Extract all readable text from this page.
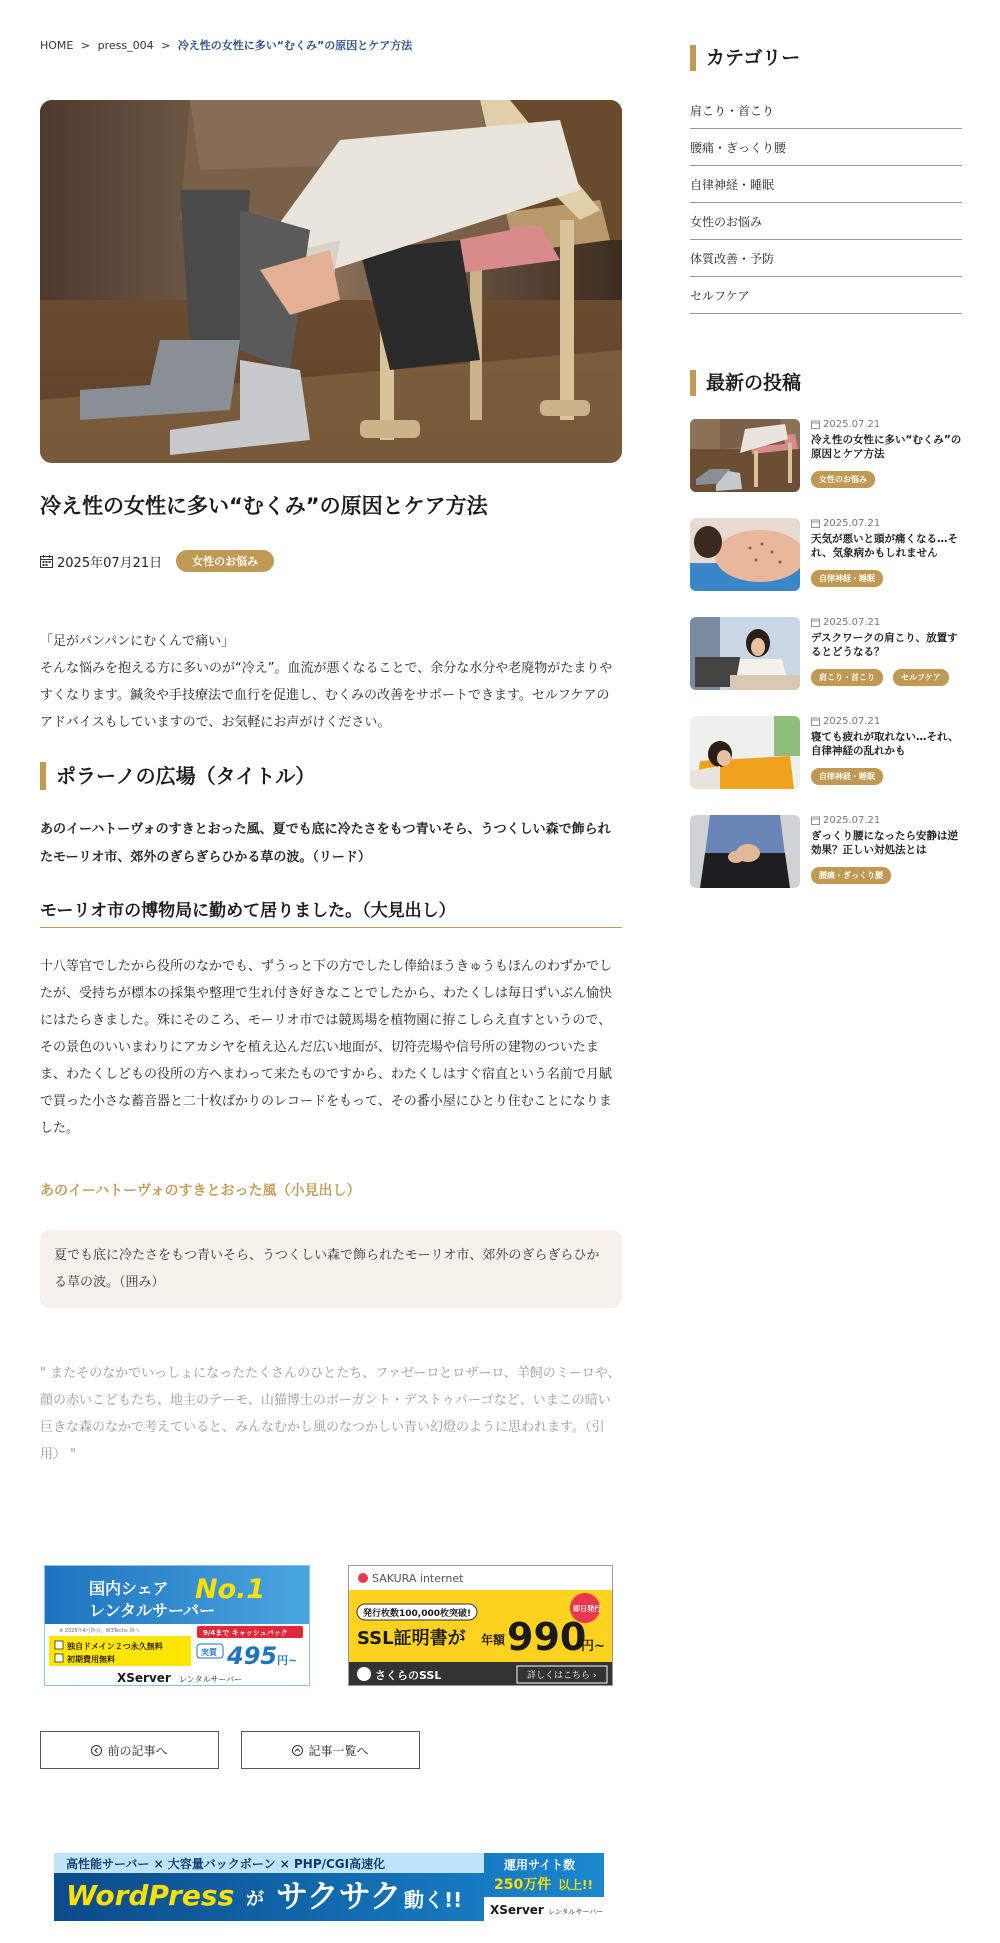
HOME > press_004 > 冷え性の女性に多い“むくみ”の原因とケア方法
冷え性の女性に多い“むくみ”の原因とケア方法
2025年07月21日	女性のお悩み

「足がパンパンにむくんで痛い」

そんな悩みを抱える方に多いのが“冷え”。血流が悪くなることで、余分な水分や老廃物がたまりやすくなります。鍼灸や手技療法で血行を促進し、むくみの改善をサポートできます。セルフケアのアドバイスもしていますので、お気軽にお声がけください。

ポラーノの広場（タイトル）

あのイーハトーヴォのすきとおった風、夏でも底に冷たさをもつ青いそら、うつくしい森で飾られたモーリオ市、郊外のぎらぎらひかる草の波。（リード）

モーリオ市の博物局に勤めて居りました。（大見出し）

十八等官でしたから役所のなかでも、ずうっと下の方でしたし俸給ほうきゅうもほんのわずかでしたが、受持ちが標本の採集や整理で生れ付き好きなことでしたから、わたくしは毎日ずいぶん愉快にはたらきました。殊にそのころ、モーリオ市では競馬場を植物園に拵こしらえ直すというので、その景色のいいまわりにアカシヤを植え込んだ広い地面が、切符売場や信号所の建物のついたまま、わたくしどもの役所の方へまわって来たものですから、わたくしはすぐ宿直という名前で月賦で買った小さな蓄音器と二十枚ばかりのレコードをもって、その番小屋にひとり住むことになりました。

あのイーハトーヴォのすきとおった風（小見出し）
夏でも底に冷たさをもつ青いそら、うつくしい森で飾られたモーリオ市、郊外のぎらぎらひかる草の波。（囲み）

" またそのなかでいっしょになったたくさんのひとたち、ファゼーロとロザーロ、羊飼のミーロや、顔の赤いこどもたち、地主のテーモ、山猫博士のボーガント・デストゥパーゴなど、いまこの暗い巨きな森のなかで考えていると、みんなむかし風のなつかしい青い幻燈のように思われます。（引用） "

国内シェア No.1
レンタルサーバー
※ 2025年4月時点、W3Techs 調べ	9/4まで キャッシュバック
独自ドメイン２つ永久無料
初期費用無料
実質 495 円~
XServer レンタルサーバー
SAKURA internet
発行枚数100,000枚突破!	即日発行
SSL証明書が 年額 990
円~
さくらのSSL	詳しくはこちら ›
前の記事へ	記事一覧へ
高性能サーバー × 大容量バックボーン × PHP/CGI高速化
WordPress が サクサク 動く!!
運用サイト数
250万件 以上!!
XServer レンタルサーバー
カテゴリー
肩こり・首こり
腰痛・ぎっくり腰
自律神経・睡眠
女性のお悩み
体質改善・予防
セルフケア
最新の投稿
2025.07.21
冷え性の女性に多い“むくみ”の原因とケア方法
女性のお悩み
2025.07.21
天気が悪いと頭が痛くなる…それ、気象病かもしれません
自律神経・睡眠
2025.07.21
デスクワークの肩こり、放置するとどうなる？
肩こり・首こり	セルフケア
2025.07.21
寝ても疲れが取れない…それ、自律神経の乱れかも
自律神経・睡眠
2025.07.21
ぎっくり腰になったら安静は逆効果？正しい対処法とは
腰痛・ぎっくり腰
